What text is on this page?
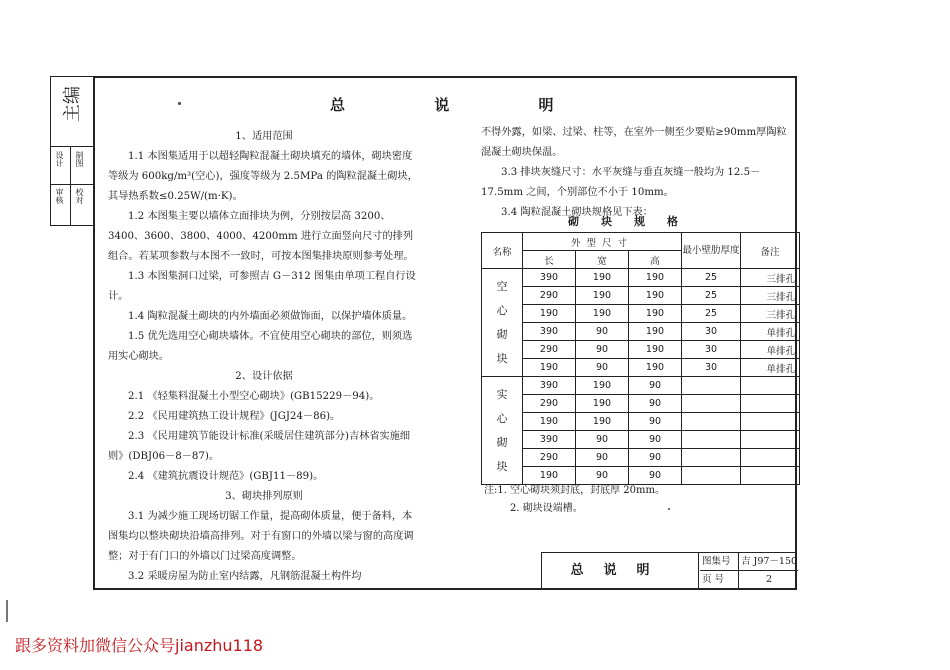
主编
审核 校对
设计 制图
总	说	明

1、适用范围

1.1 本图集适用于以超轻陶粒混凝土砌块填充的墙体，砌块密度等级为 600kg/m³(空心)，强度等级为 2.5MPa 的陶粒混凝土砌块，其导热系数≤0.25W/(m·K)。

1.2 本图集主要以墙体立面排块为例，分别按层高 3200、3400、3600、3800、4000、4200mm 进行立面竖向尺寸的排列组合。若某项参数与本图不一致时，可按本图集排块原则参考处理。

1.3 本图集洞口过梁，可参照吉 G－312 图集由单项工程自行设计。

1.4 陶粒混凝土砌块的内外墙面必须做饰面，以保护墙体质量。

1.5 优先选用空心砌块墙体。不宜使用空心砌块的部位，则须选用实心砌块。

2、设计依据

2.1 《轻集料混凝土小型空心砌块》(GB15229－94)。

2.2 《民用建筑热工设计规程》(JGJ24－86)。

2.3 《民用建筑节能设计标准(采暖居住建筑部分)吉林省实施细则》(DBJ06－8－87)。

2.4 《建筑抗震设计规范》(GBJ11－89)。

3、砌块排列原则

3.1 为减少施工现场切锯工作量，提高砌体质量，便于备料，本图集均以整块砌块沿墙高排列。对于有窗口的外墙以梁与窗的高度调整；对于有门口的外墙以门过梁高度调整。

3.2 采暖房屋为防止室内结露，凡钢筋混凝土构件均

不得外露，如梁、过梁、柱等，在室外一侧至少要贴≥90mm厚陶粒混凝土砌块保温。

3.3 排块灰缝尺寸：水平灰缝与垂直灰缝一般均为 12.5－17.5mm 之间，个别部位不小于 10mm。

3.4 陶粒混凝土砌块规格见下表：

砌块规格
名称	外型尺寸			最小壁肋厚度	备注
	长	宽	高		

空
心
砌
块	390	190	190	25	三排孔
	290	190	190	25	三排孔
	190	190	190	25	三排孔
	390	90	190	30	单排孔
	290	90	190	30	单排孔
	190	90	190	30	单排孔

实
心
砌
块	390	190	90		
	290	190	90		
	190	190	90		
	390	90	90		
	290	90	90		
	190	90	90		
注:1. 空心砌块须封底，封底厚 20mm。
2. 砌块设端槽。
总说明
图集号	吉 J97－150
页 号	2
跟多资料加微信公众号jianzhu118
